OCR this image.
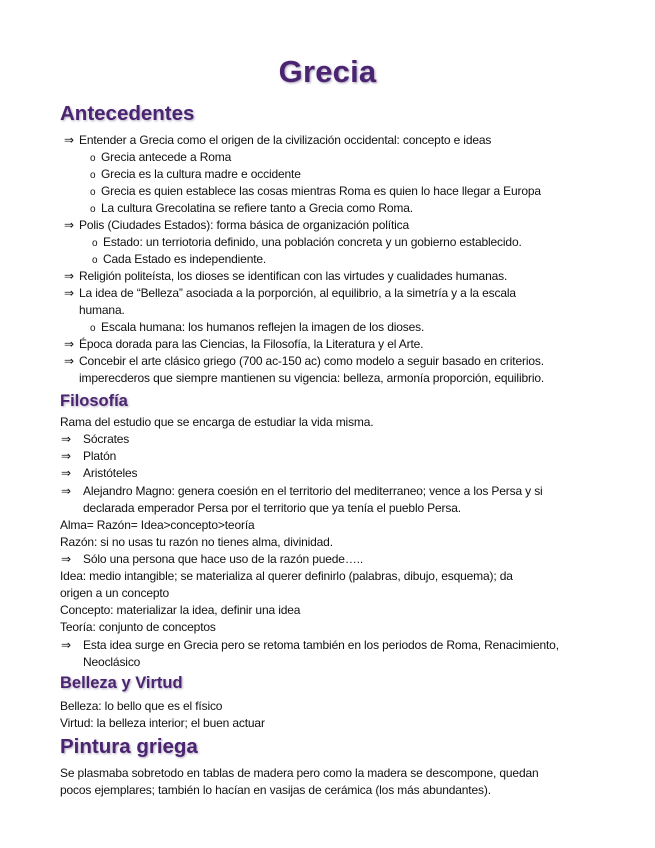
Grecia
Antecedentes
⇒ Entender a Grecia como el origen de la civilización occidental: concepto e ideas
o Grecia antecede a Roma
o Grecia es la cultura madre e occidente
o Grecia es quien establece las cosas mientras Roma es quien lo hace llegar a Europa
o La cultura Grecolatina se refiere tanto a Grecia como Roma.
⇒ Polis (Ciudades Estados): forma básica de organización política
o Estado: un terriotoria definido, una población concreta y un gobierno establecido.
o Cada Estado es independiente.
⇒ Religión politeísta, los dioses se identifican con las virtudes y cualidades humanas.
⇒ La idea de “Belleza” asociada a la porporción, al equilibrio, a la simetría y a la escala
humana.
o Escala humana: los humanos reflejen la imagen de los dioses.
⇒ Época dorada para las Ciencias, la Filosofía, la Literatura y el Arte.
⇒ Concebir el arte clásico griego (700 ac-150 ac) como modelo a seguir basado en criterios.
imperecderos que siempre mantienen su vigencia: belleza, armonía proporción, equilibrio.
Filosofía
Rama del estudio que se encarga de estudiar la vida misma.
⇒ Sócrates
⇒ Platón
⇒ Aristóteles
⇒ Alejandro Magno: genera coesión en el territorio del mediterraneo; vence a los Persa y si
declarada emperador Persa por el territorio que ya tenía el pueblo Persa.
Alma= Razón= Idea>concepto>teoría
Razón: si no usas tu razón no tienes alma, divinidad.
⇒ Sólo una persona que hace uso de la razón puede…..
Idea: medio intangible; se materializa al querer definirlo (palabras, dibujo, esquema); da
origen a un concepto
Concepto: materializar la idea, definir una idea
Teoría: conjunto de conceptos
⇒ Esta idea surge en Grecia pero se retoma también en los periodos de Roma, Renacimiento,
Neoclásico
Belleza y Virtud
Belleza: lo bello que es el físico
Virtud: la belleza interior; el buen actuar
Pintura griega
Se plasmaba sobretodo en tablas de madera pero como la madera se descompone, quedan
pocos ejemplares; también lo hacían en vasijas de cerámica (los más abundantes).
